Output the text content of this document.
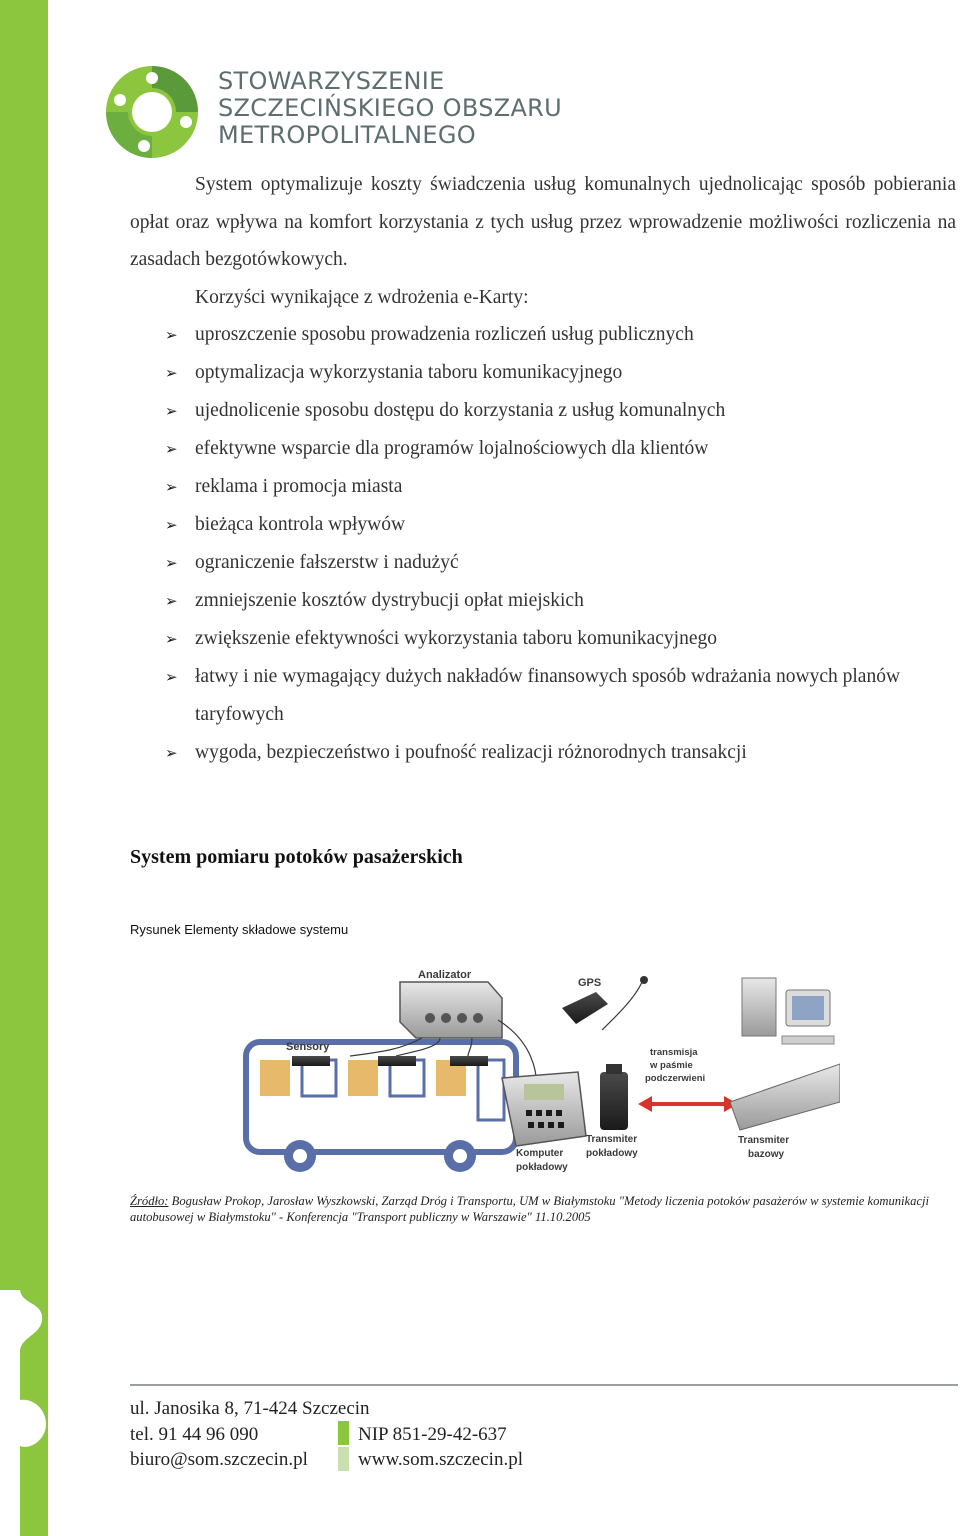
STOWARZYSZENIE
SZCZECIŃSKIEGO OBSZARU
METROPOLITALNEGO

System optymalizuje koszty świadczenia usług komunalnych ujednolicając sposób pobierania opłat oraz wpływa na komfort korzystania z tych usług przez wprowadzenie możliwości rozliczenia na zasadach bezgotówkowych.

Korzyści wynikające z wdrożenia e-Karty:

➢ uproszczenie sposobu prowadzenia rozliczeń usług publicznych
➢ optymalizacja wykorzystania taboru komunikacyjnego
➢ ujednolicenie sposobu dostępu do korzystania z usług komunalnych
➢ efektywne wsparcie dla programów lojalnościowych dla klientów
➢ reklama i promocja miasta
➢ bieżąca kontrola wpływów
➢ ograniczenie fałszerstw i nadużyć
➢ zmniejszenie kosztów dystrybucji opłat miejskich
➢ zwiększenie efektywności wykorzystania taboru komunikacyjnego
➢ łatwy i nie wymagający dużych nakładów finansowych sposób wdrażania nowych planów taryfowych
➢ wygoda, bezpieczeństwo i poufność realizacji różnorodnych transakcji
System pomiaru potoków pasażerskich
Rysunek Elementy składowe systemu
Sensory
Analizator
GPS
Komputer
pokładowy
Transmiter
pokładowy
transmisja
w paśmie
podczerwieni
Transmiter
bazowy
Źródło: Bogusław Prokop, Jarosław Wyszkowski, Zarząd Dróg i Transportu, UM w Białymstoku "Metody liczenia potoków pasażerów w systemie komunikacji autobusowej w Białymstoku" - Konferencja "Transport publiczny w Warszawie" 11.10.2005
ul. Janosika 8, 71-424 Szczecin
tel. 91 44 96 090	NIP 851-29-42-637
biuro@som.szczecin.pl	www.som.szczecin.pl
